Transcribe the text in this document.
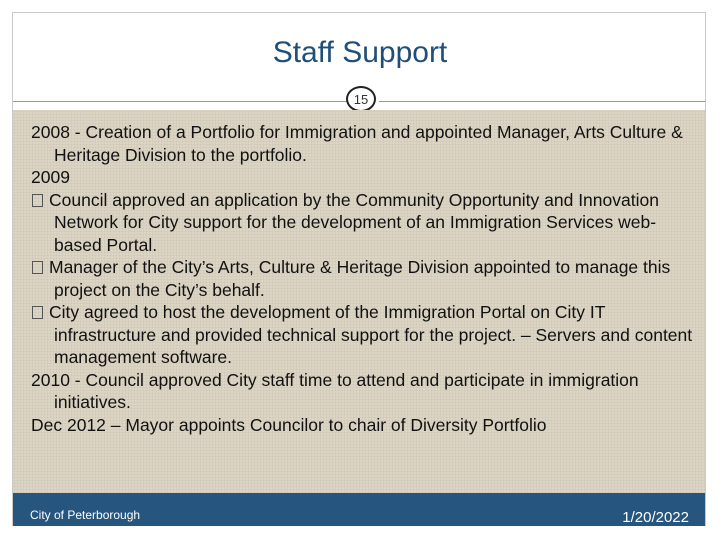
Staff Support
15
2008 - Creation of a Portfolio for Immigration and appointed Manager, Arts Culture & Heritage Division to the portfolio.
2009
Council approved an application by the Community Opportunity and Innovation Network for City support for the development of an Immigration Services web-based Portal.
Manager of the City’s Arts, Culture & Heritage Division appointed to manage this project on the City’s behalf.
City agreed to host the development of the Immigration Portal on City IT infrastructure and provided technical support for the project. – Servers and content management software.
2010 - Council approved City staff time to attend and participate in immigration initiatives.
Dec 2012 – Mayor appoints Councilor to chair of Diversity Portfolio
City of Peterborough	1/20/2022
